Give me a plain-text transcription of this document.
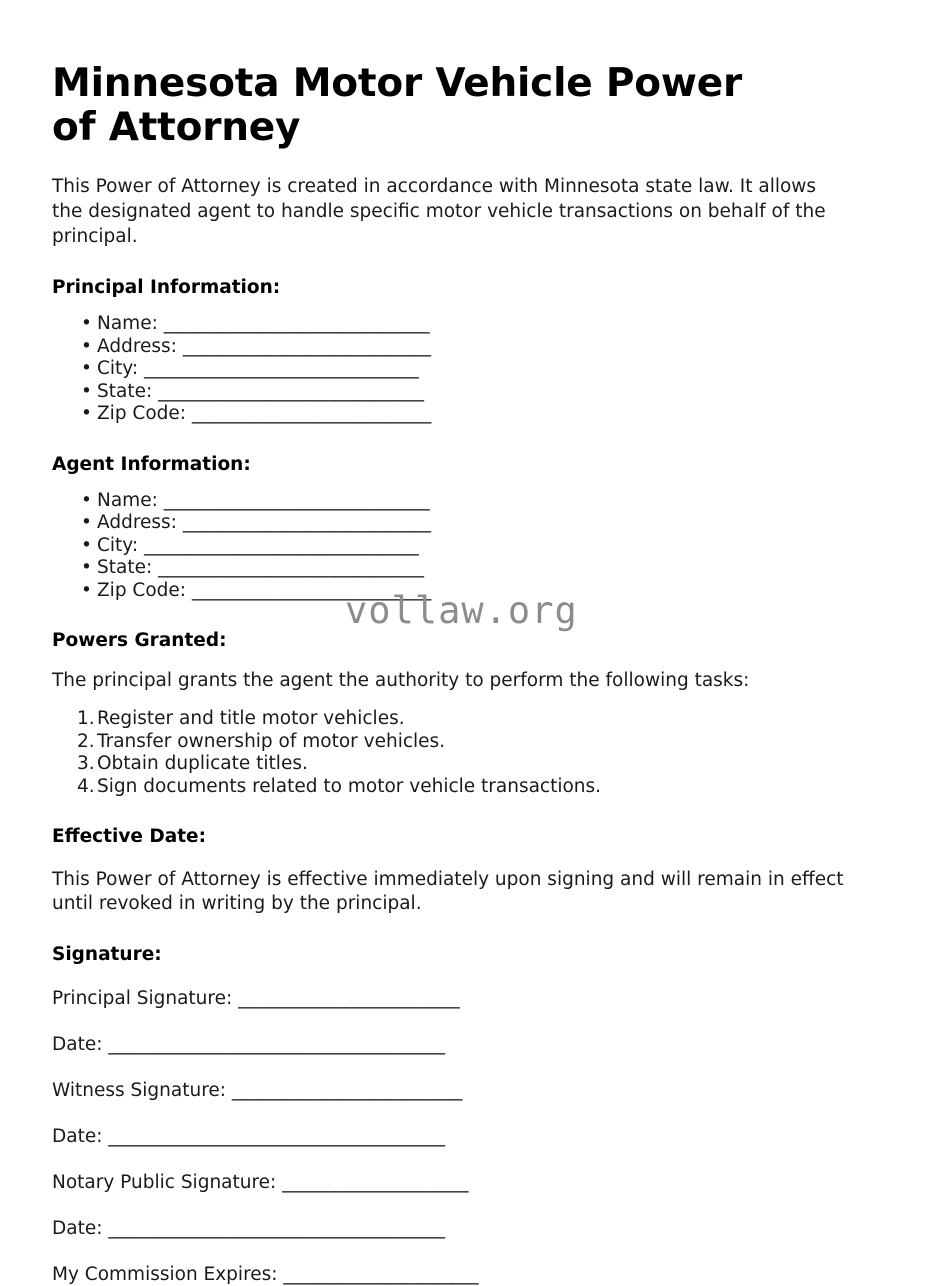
Minnesota Motor Vehicle Power of Attorney

This Power of Attorney is created in accordance with Minnesota state law. It allows the designated agent to handle specific motor vehicle transactions on behalf of the principal.

Principal Information:
• Name: ______________________________
• Address: ____________________________
• City: _______________________________
• State: ______________________________
• Zip Code: ___________________________
Agent Information:
• Name: ______________________________
• Address: ____________________________
• City: _______________________________
• State: ______________________________
• Zip Code: ___________________________
Powers Granted:

The principal grants the agent the authority to perform the following tasks:

Register and title motor vehicles.
Transfer ownership of motor vehicles.
Obtain duplicate titles.
Sign documents related to motor vehicle transactions.
Effective Date:

This Power of Attorney is effective immediately upon signing and will remain in effect until revoked in writing by the principal.

Signature:

Principal Signature: _________________________

Date: ______________________________________

Witness Signature: __________________________

Date: ______________________________________

Notary Public Signature: _____________________

Date: ______________________________________

My Commission Expires: ______________________

vollaw.org
